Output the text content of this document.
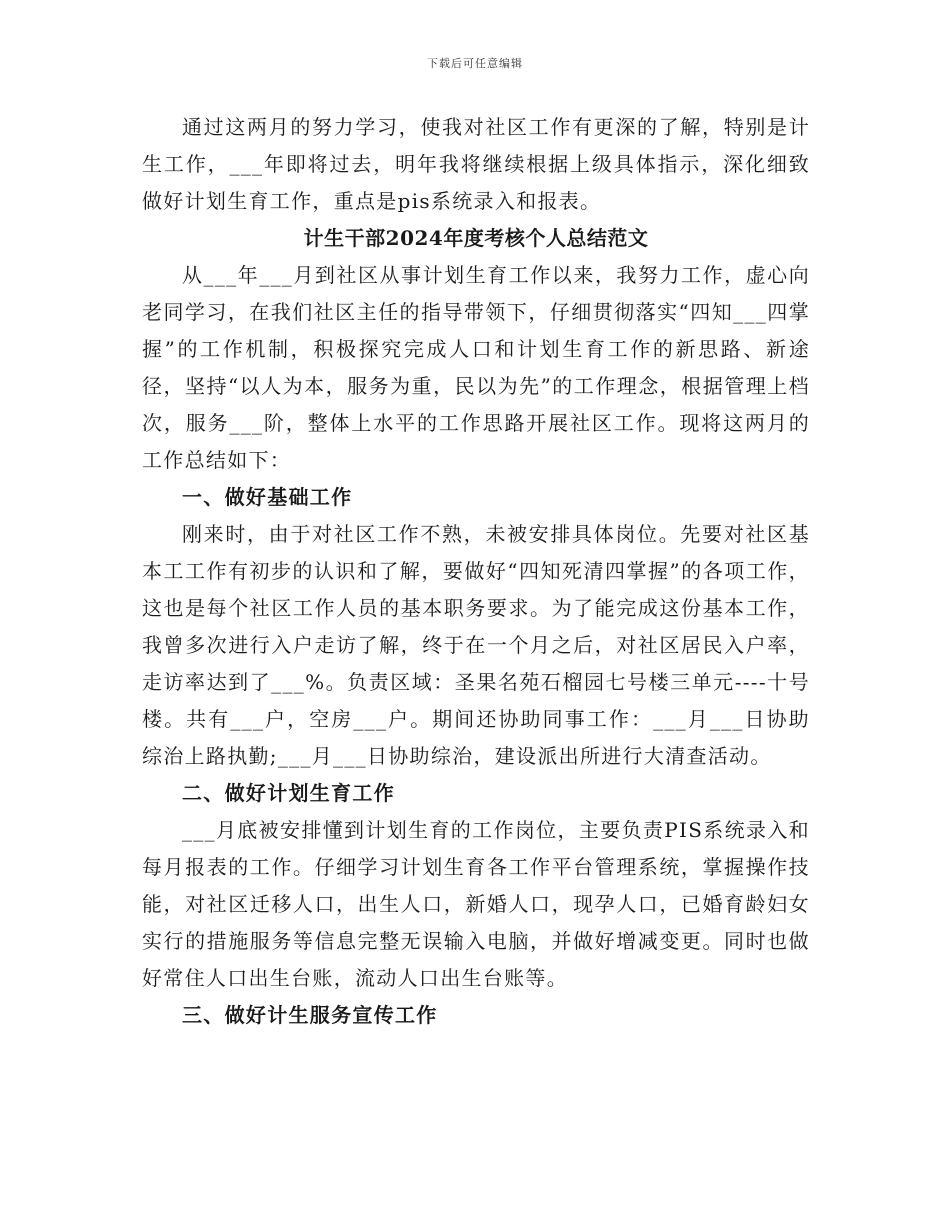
下载后可任意编辑

通过这两月的努力学习，使我对社区工作有更深的了解，特别是计生工作，___年即将过去，明年我将继续根据上级具体指示，深化细致做好计划生育工作，重点是pis系统录入和报表。

计生干部2024年度考核个人总结范文

从___年___月到社区从事计划生育工作以来，我努力工作，虚心向老同学习，在我们社区主任的指导带领下，仔细贯彻落实“四知___四掌握”的工作机制，积极探究完成人口和计划生育工作的新思路、新途径，坚持“以人为本，服务为重，民以为先”的工作理念，根据管理上档次，服务___阶，整体上水平的工作思路开展社区工作。现将这两月的工作总结如下：

一、做好基础工作

刚来时，由于对社区工作不熟，未被安排具体岗位。先要对社区基本工工作有初步的认识和了解，要做好“四知死清四掌握”的各项工作，这也是每个社区工作人员的基本职务要求。为了能完成这份基本工作，我曾多次进行入户走访了解，终于在一个月之后，对社区居民入户率，走访率达到了___%。负责区域：圣果名苑石榴园七号楼三单元----十号楼。共有___户，空房___户。期间还协助同事工作：___月___日协助综治上路执勤;___月___日协助综治，建设派出所进行大清查活动。

二、做好计划生育工作

___月底被安排懂到计划生育的工作岗位，主要负责PIS系统录入和每月报表的工作。仔细学习计划生育各工作平台管理系统，掌握操作技能，对社区迁移人口，出生人口，新婚人口，现孕人口，已婚育龄妇女实行的措施服务等信息完整无误输入电脑，并做好增减变更。同时也做好常住人口出生台账，流动人口出生台账等。

三、做好计生服务宣传工作
